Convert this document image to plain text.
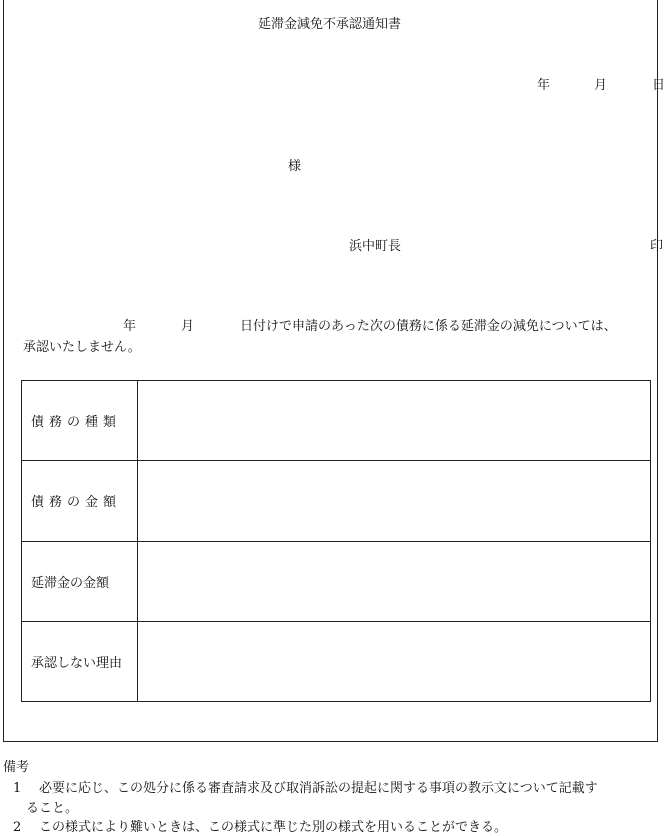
延滞金減免不承認通知書
年	月	日
様
浜中町長	印
年	月	日付けで申請のあった次の債務に係る延滞金の減免については、
承認いたしません。
債務の種類	
債務の金額	
延滞金の金額	
承認しない理由	
備考
1 必要に応じ、この処分に係る審査請求及び取消訴訟の提起に関する事項の教示文について記載す
ること。
2 この様式により難いときは、この様式に準じた別の様式を用いることができる。
